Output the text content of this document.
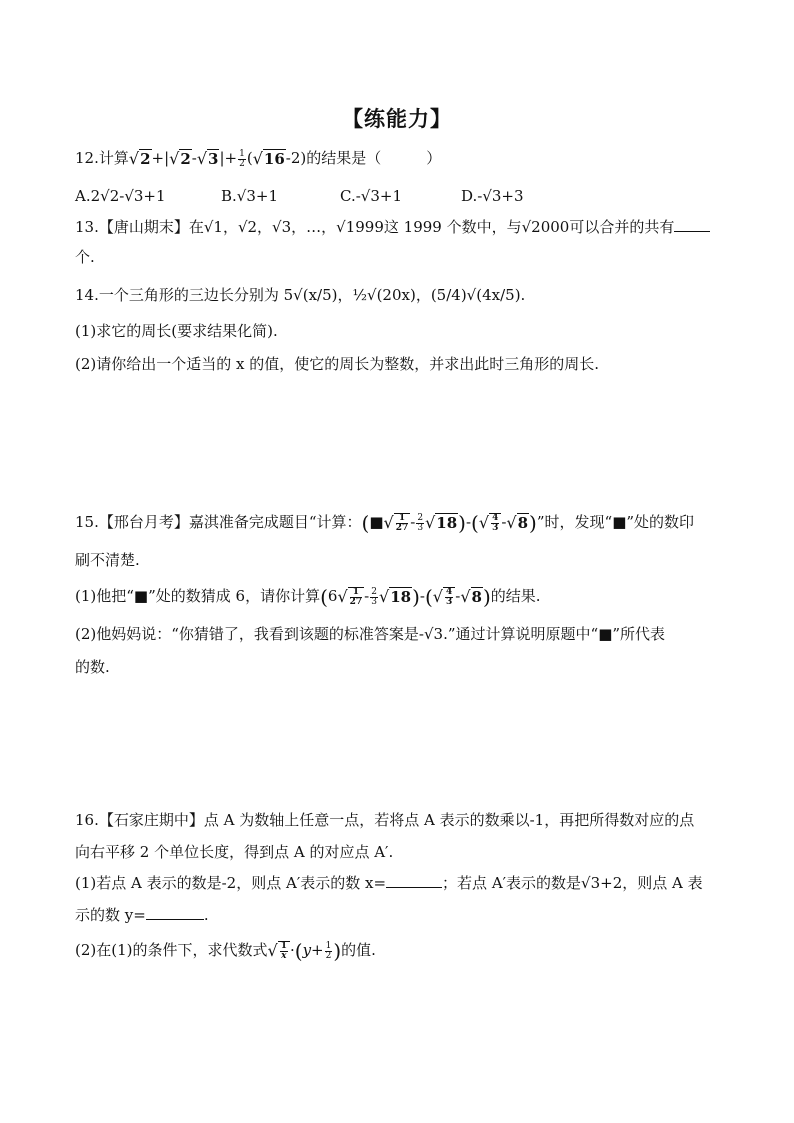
【练能力】
12.计算 √ 2 +| √ 2 - √ 3 |+ $\frac{1}{2}$ ( √ 16 -2)的结果是（　　　）
A.2√2-√3+1	B.√3+1	C.-√3+1	D.-√3+3
13.【唐山期末】在√1，√2，√3，…，√1999这 1999 个数中，与√2000可以合并的共有
个.
14.一个三角形的三边长分别为 5√(x/5)，½√(20x)，(5/4)√(4x/5).
(1)求它的周长(要求结果化简).
(2)请你给出一个适当的 x 的值，使它的周长为整数，并求出此时三角形的周长.
15.【邢台月考】嘉淇准备完成题目“计算：(■ √ $\frac{1}{27} - \frac{2}{3}$ √ 18 )-( √ $\frac{4}{3}$ - √ 8 )”时，发现“■”处的数印
刷不清楚.
(1)他把“■”处的数猜成 6，请你计算(6 √ $\frac{1}{27} - \frac{2}{3}$ √ 18 )-( √ $\frac{4}{3}$ - √ 8 )的结果.
(2)他妈妈说：“你猜错了，我看到该题的标准答案是-√3.”通过计算说明原题中“■”所代表
的数.
16.【石家庄期中】点 A 为数轴上任意一点，若将点 A 表示的数乘以-1，再把所得数对应的点
向右平移 2 个单位长度，得到点 A 的对应点 A′.
(1)若点 A 表示的数是-2，则点 A′表示的数 x=	；若点 A′表示的数是√3+2，则点 A 表
示的数 y=	.
(2)在(1)的条件下，求代数式 √ $\frac{1}{x} \cdot(y+ \frac{1}{2}$ )的值.
